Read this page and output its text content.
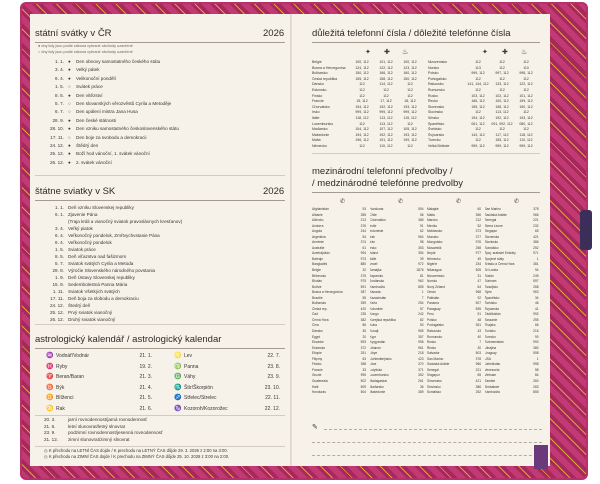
státní svátky v ČR	2026
● dny kdy jsou podle zákona vybrané obchody uzavřené
○ dny kdy jsou podle zákona vybrané obchody uzavřené
1. 1. ●	Den obnovy samostatného českého státu
3. 4. ●	Velký pátek
6. 4. ●	Velikonoční pondělí
1. 5. ○	Svátek práce
8. 5. ●	Den vítězství
5. 7. ○	Den slovanských věrozvěstů Cyrila a Metoděje
6. 7. ○	Den upálení mistra Jana Husa
28. 9. ●	Den české státnosti
28. 10. ●	Den vzniku samostatného československého státu
17. 11. ○	Den boje za svobodu a demokracii
24. 12. ●	Štědrý den
25. 12. ●	Boží hod vánoční, 1. svátek vánoční
26. 12. ●	2. svátek vánoční
štátne sviatky v SK	2026
1. 1. Deň vzniku Slovenskej republiky
6. 1. Zjavenie Pána
(Traja králi a vianočný sviatok pravoslávnych kresťanov)
3. 4. Veľký piatok
6. 4. Veľkonočný pondelok, Zmŕtvychvstanie Pána
6. 4. Veľkonočný pondelok
1. 5. Sviatok práce
8. 5. Deň víťazstva nad fašizmom
5. 7. Sviatok svätých Cyrila a Metoda
29. 8. Výročie Slovenského národného povstania
1. 9. Deň Ústavy Slovenskej republiky
15. 9. Sedembolestná Panna Mária
1. 11. Sviatok Všetkých svätých
17. 11. Deň boja za slobodu a demokraciu
24. 12. Štedrý deň
25. 12. Prvý sviatok vianočný
26. 12. Druhý sviatok vianočný
astrologický kalendář / astrologický kalendar
♒ Vodnář/Vodnár	21. 1.
♓ Ryby	19. 2.
♈ Beran/Baran	21. 3.
♉ Býk	21. 4.
♊ Blíženci	21. 5.
♋ Rak	21. 6.
♌ Lev	22. 7.
♍ Panna	23. 8.
♎ Váhy	23. 9.
♏ Štír/Škorpión	23. 10.
♐ Střelec/Strelec	22. 11.
♑ Kozoroh/Kozorožec	22. 12.
20. 3.	jarní rovnodennost/jarná rovnodennosť
21. 6.	letní slunovrat/letný slnovrat
23. 9.	podzimní rovnodennost/jesenná rovnodennosť
21. 12.	zimní slunovrat/zimný slnovrat
◷ K přechodu na LETNÍ ČAS dojde / K prechodu na LETNÝ ČAS dôjde 29. 3. 2026 z 2:00 na 3:00.
◷ K přechodu na ZIMNÍ ČAS dojde / K prechodu na ZIMNÝ ČAS dôjde 25. 10. 2026 z 3:00 na 2:00.
důležitá telefonní čísla / dôležité telefónne čísla
✦ ✚ ♨	✦ ✚ ♨
Belgie	100, 112	101, 112	100, 112
Bosna a Hercegovina	124, 112	122, 112	123, 112
Bulharsko	150, 112	166, 112	160, 112
Česká republika	155, 112	158, 112	150, 112
Dánsko	112	114, 112	112
Estonsko	112	112	112
Finsko	112	112	112
Francie	15, 112	17, 112	18, 112
Chorvatsko	194, 112	192, 112	193, 112
Irsko	999, 112	999, 112	999, 112
Itálie	118, 112	113, 112	115, 112
Lucembursko	112	113, 112	112
Maďarsko	104, 112	107, 112	105, 112
Makedonie	194, 112	192, 112	193, 112
Malta	196, 112	191, 112	199, 112
Německo	112	110, 112	112
Nizozemsko	112	112	112
Norsko	113	112	110
Polsko	999, 112	997, 112	998, 112
Portugalsko	112	112	112
Rakousko	141, 144, 112	133, 112	122, 112
Rumunsko	112	112	112
Rusko	103, 112	102, 112	101, 112
Řecko	166, 112	100, 112	199, 112
Slovensko	155, 112	158, 112	150, 112
Slovinsko	112	113, 112	112
Srbsko	194, 112	192, 112	193, 112
Španělsko	061, 112	091, 092, 112	080, 112
Švédsko	112	112	112
Švýcarsko	144, 112	117, 112	118, 112
Turecko	112	155, 112	110, 112
Velká Británie	999, 112	999, 112	999, 112
mezinárodní telefonní předvolby /
/ medzinárodné telefónne predvolby
✆	✆	✆	✆
Afghánistán	93
Albánie	355
Alžírsko	213
Andorra	376
Angola	244
Argentina	54
Arménie	374
Austrálie	61
Ázerbájdžán	994
Bahrajn	973
Bangladéš	880
Belgie	32
Bělorusko	375
Bhútán	975
Bolívie	591
Bosna a Hercegovina	387
Brazílie	55
Bulharsko	359
Česká rep.	420
Čad	235
Černá Hora	382
Čína	86
Dánsko	45
Egypt	20
Ekvádor	593
Estonsko	372
Etiopie	251
Filipíny	63
Finsko	358
Francie	33
Gruzie	995
Guatemala	502
Haiti	509
Honduras	504
Honduras	504
Chile	56
Chorvatsko	385
Indie	91
Indonésie	62
Irák	964
Írán	98
Irsko	353
Island	354
Itálie	39
Izrael	972
Jamajka	1876
Japonsko	81
Jordánsko	962
Kambodža	855
Kanada	1
Kazachstán	7
Keňa	254
Kolumbie	57
Kongo	242
Korejská republika	82
Kuba	53
Kuvajt	965
Kypr	357
Kyrgyzstán	996
Libanon	961
Libye	218
Lichtenštejnsko	423
Litva	370
Lotyšsko	371
Lucembursko	352
Madagaskar	261
Maďarsko	36
Makedonie	389
Malajsie	60
Malta	356
Maroko	212
Mexiko	52
Moldavsko	373
Monako	377
Mongolsko	976
Mosambik	258
Nepál	977
Německo	49
Nigérie	234
Nikaragua	505
Nizozemsko	31
Norsko	47
Nový Zéland	64
Omán	968
Pákistán	92
Panama	507
Paraguay	595
Peru	51
Polsko	48
Portugalsko	351
Rakousko	43
Rumunsko	40
Rusko	7
Řecko	30
Salvador	503
San Marino	378
Saúdská Arábie	966
Senegal	221
Singapur	65
Slovensko	421
Slovinsko	386
Somálsko	252
San Marino	378
Saúdská Arábie	966
Senegal	221
Sierra Leone	232
Singapur	65
Slovensko	421
Slovinsko	386
Somálsko	252
Spoj. arabské Emiráty	971
Spojené státy	1
Srbsko a Černá Hora	381
Sri Lanka	94
Súdán	249
Súrinam	597
Svazijsko	268
Sýrie	963
Španělsko	34
Švédsko	46
Švýcarsko	41
Tádžikistán	992
Tanzanie	255
Thajsko	66
Tunisko	216
Turecko	90
Turkmenistán	993
Ukrajina	380
Uruguay	598
USA	1
Uzbekistán	998
Venezuela	58
Vietnam	84
Zambie	260
Zimbabwe	263
Kambodža	855
✎
